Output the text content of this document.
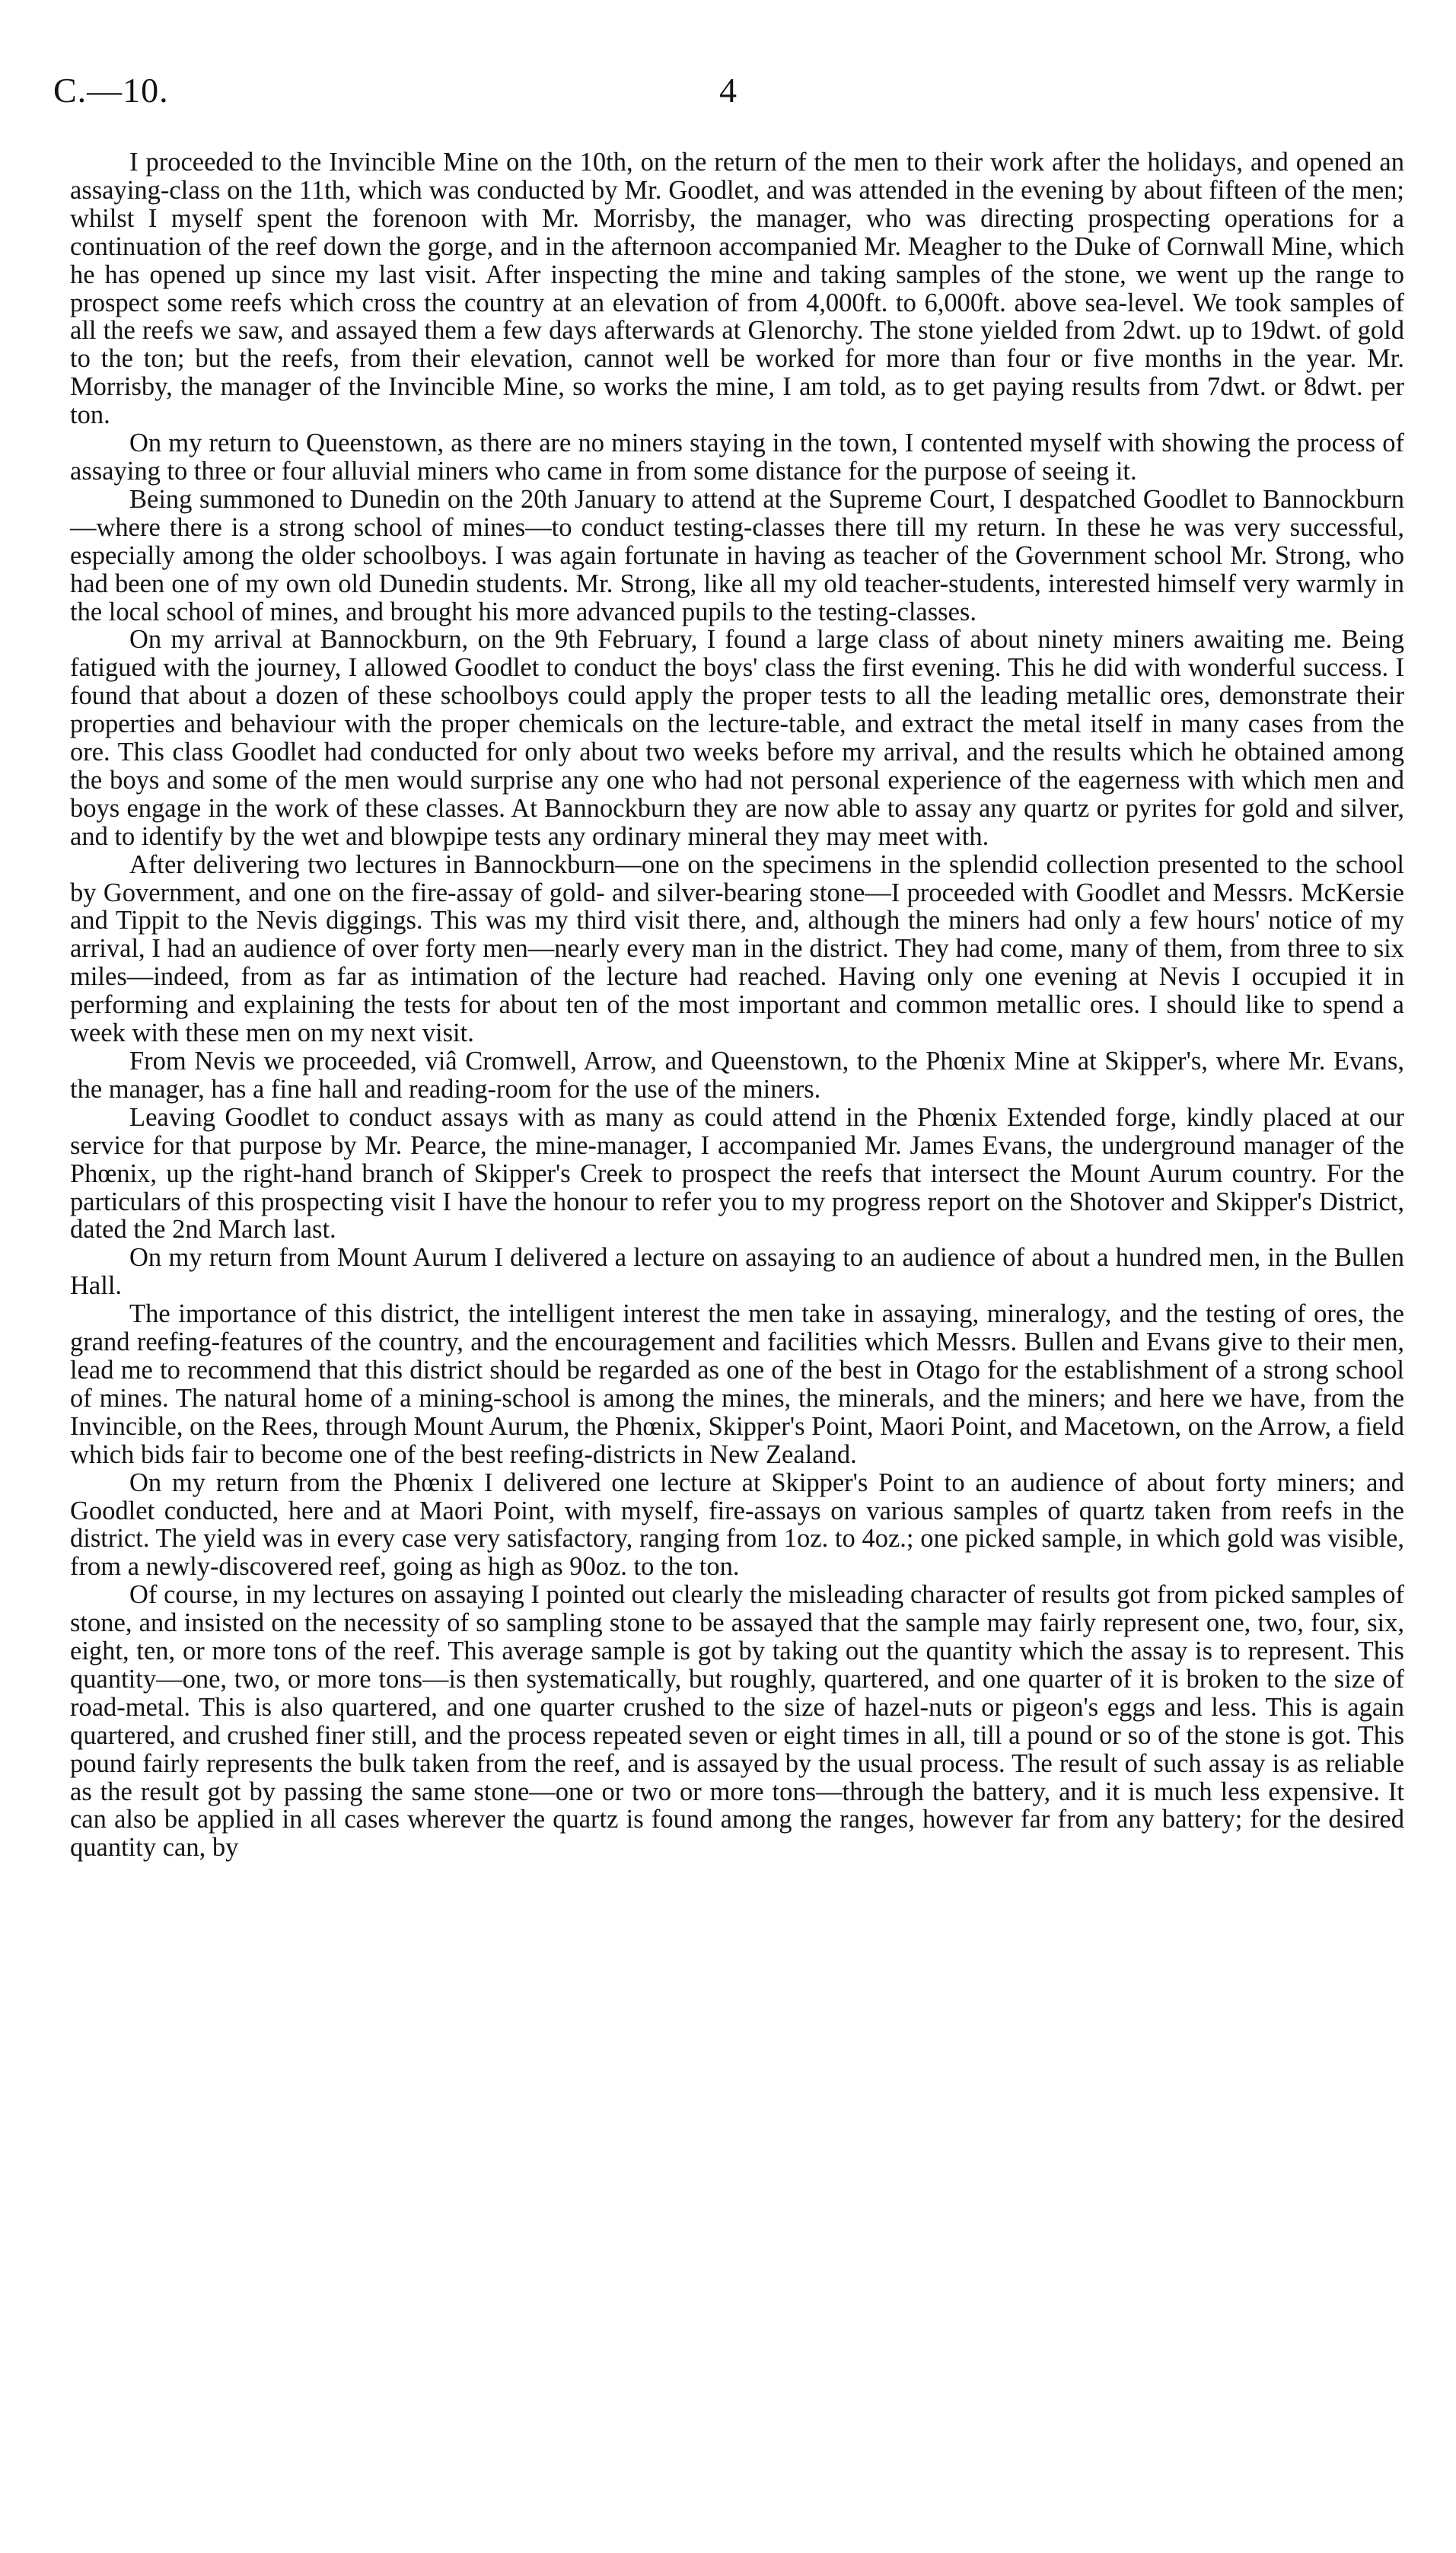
C.—10.	4

I proceeded to the Invincible Mine on the 10th, on the return of the men to their work after the holidays, and opened an assaying-class on the 11th, which was conducted by Mr. Goodlet, and was attended in the evening by about fifteen of the men; whilst I myself spent the forenoon with Mr. Morrisby, the manager, who was directing prospecting operations for a continuation of the reef down the gorge, and in the afternoon accompanied Mr. Meagher to the Duke of Cornwall Mine, which he has opened up since my last visit. After inspecting the mine and taking samples of the stone, we went up the range to prospect some reefs which cross the country at an elevation of from 4,000ft. to 6,000ft. above sea-level. We took samples of all the reefs we saw, and assayed them a few days afterwards at Glenorchy. The stone yielded from 2dwt. up to 19dwt. of gold to the ton; but the reefs, from their elevation, cannot well be worked for more than four or five months in the year. Mr. Morrisby, the manager of the Invincible Mine, so works the mine, I am told, as to get paying results from 7dwt. or 8dwt. per ton.

On my return to Queenstown, as there are no miners staying in the town, I contented myself with showing the process of assaying to three or four alluvial miners who came in from some distance for the purpose of seeing it.

Being summoned to Dunedin on the 20th January to attend at the Supreme Court, I despatched Goodlet to Bannockburn—where there is a strong school of mines—to conduct testing-classes there till my return. In these he was very successful, especially among the older schoolboys. I was again fortunate in having as teacher of the Government school Mr. Strong, who had been one of my own old Dunedin students. Mr. Strong, like all my old teacher-students, interested himself very warmly in the local school of mines, and brought his more advanced pupils to the testing-classes.

On my arrival at Bannockburn, on the 9th February, I found a large class of about ninety miners awaiting me. Being fatigued with the journey, I allowed Goodlet to conduct the boys' class the first evening. This he did with wonderful success. I found that about a dozen of these schoolboys could apply the proper tests to all the leading metallic ores, demonstrate their properties and behaviour with the proper chemicals on the lecture-table, and extract the metal itself in many cases from the ore. This class Goodlet had conducted for only about two weeks before my arrival, and the results which he obtained among the boys and some of the men would surprise any one who had not personal experience of the eagerness with which men and boys engage in the work of these classes. At Bannockburn they are now able to assay any quartz or pyrites for gold and silver, and to identify by the wet and blowpipe tests any ordinary mineral they may meet with.

After delivering two lectures in Bannockburn—one on the specimens in the splendid collection presented to the school by Government, and one on the fire-assay of gold- and silver-bearing stone—I proceeded with Goodlet and Messrs. McKersie and Tippit to the Nevis diggings. This was my third visit there, and, although the miners had only a few hours' notice of my arrival, I had an audience of over forty men—nearly every man in the district. They had come, many of them, from three to six miles—indeed, from as far as intimation of the lecture had reached. Having only one evening at Nevis I occupied it in performing and explaining the tests for about ten of the most important and common metallic ores. I should like to spend a week with these men on my next visit.

From Nevis we proceeded, viâ Cromwell, Arrow, and Queenstown, to the Phœnix Mine at Skipper's, where Mr. Evans, the manager, has a fine hall and reading-room for the use of the miners.

Leaving Goodlet to conduct assays with as many as could attend in the Phœnix Extended forge, kindly placed at our service for that purpose by Mr. Pearce, the mine-manager, I accompanied Mr. James Evans, the underground manager of the Phœnix, up the right-hand branch of Skipper's Creek to prospect the reefs that intersect the Mount Aurum country. For the particulars of this prospecting visit I have the honour to refer you to my progress report on the Shotover and Skipper's District, dated the 2nd March last.

On my return from Mount Aurum I delivered a lecture on assaying to an audience of about a hundred men, in the Bullen Hall.

The importance of this district, the intelligent interest the men take in assaying, mineralogy, and the testing of ores, the grand reefing-features of the country, and the encouragement and facilities which Messrs. Bullen and Evans give to their men, lead me to recommend that this district should be regarded as one of the best in Otago for the establishment of a strong school of mines. The natural home of a mining-school is among the mines, the minerals, and the miners; and here we have, from the Invincible, on the Rees, through Mount Aurum, the Phœnix, Skipper's Point, Maori Point, and Macetown, on the Arrow, a field which bids fair to become one of the best reefing-districts in New Zealand.

On my return from the Phœnix I delivered one lecture at Skipper's Point to an audience of about forty miners; and Goodlet conducted, here and at Maori Point, with myself, fire-assays on various samples of quartz taken from reefs in the district. The yield was in every case very satisfactory, ranging from 1oz. to 4oz.; one picked sample, in which gold was visible, from a newly-discovered reef, going as high as 90oz. to the ton.

Of course, in my lectures on assaying I pointed out clearly the misleading character of results got from picked samples of stone, and insisted on the necessity of so sampling stone to be assayed that the sample may fairly represent one, two, four, six, eight, ten, or more tons of the reef. This average sample is got by taking out the quantity which the assay is to represent. This quantity—one, two, or more tons—is then systematically, but roughly, quartered, and one quarter of it is broken to the size of road-metal. This is also quartered, and one quarter crushed to the size of hazel-nuts or pigeon's eggs and less. This is again quartered, and crushed finer still, and the process repeated seven or eight times in all, till a pound or so of the stone is got. This pound fairly represents the bulk taken from the reef, and is assayed by the usual process. The result of such assay is as reliable as the result got by passing the same stone—one or two or more tons—through the battery, and it is much less expensive. It can also be applied in all cases wherever the quartz is found among the ranges, however far from any battery; for the desired quantity can, by
